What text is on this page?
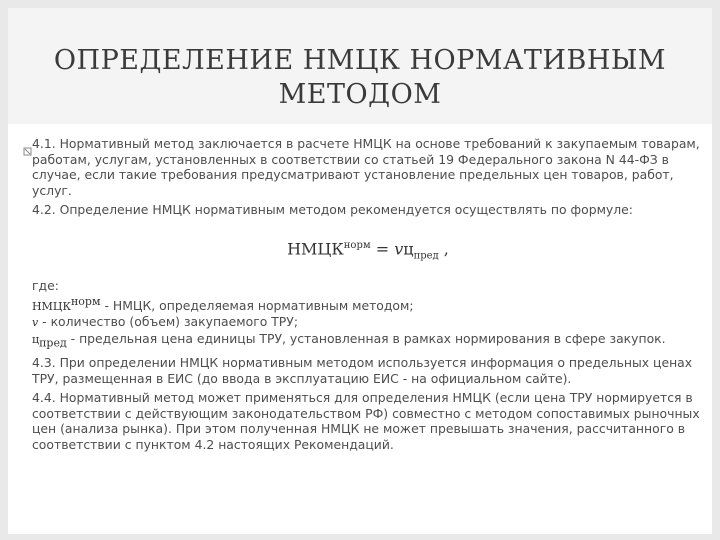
ОПРЕДЕЛЕНИЕ НМЦК НОРМАТИВНЫМ
МЕТОДОМ

4.1. Нормативный метод заключается в расчете НМЦК на основе требований к закупаемым товарам, работам, услугам, установленных в соответствии со статьей 19 Федерального закона N 44-ФЗ в случае, если такие требования предусматривают установление предельных цен товаров, работ, услуг.

4.2. Определение НМЦК нормативным методом рекомендуется осуществлять по формуле:

$НМЦК^{норм} = vц_{пред}$ ,

где:

$НМЦК^{норм}$ - НМЦК, определяемая нормативным методом;

v - количество (объем) закупаемого ТРУ;

$ц_{пред}$ - предельная цена единицы ТРУ, установленная в рамках нормирования в сфере закупок.

4.3. При определении НМЦК нормативным методом используется информация о предельных ценах ТРУ, размещенная в ЕИС (до ввода в эксплуатацию ЕИС - на официальном сайте).

4.4. Нормативный метод может применяться для определения НМЦК (если цена ТРУ нормируется в соответствии с действующим законодательством РФ) совместно с методом сопоставимых рыночных цен (анализа рынка). При этом полученная НМЦК не может превышать значения, рассчитанного в соответствии с пунктом 4.2 настоящих Рекомендаций.
